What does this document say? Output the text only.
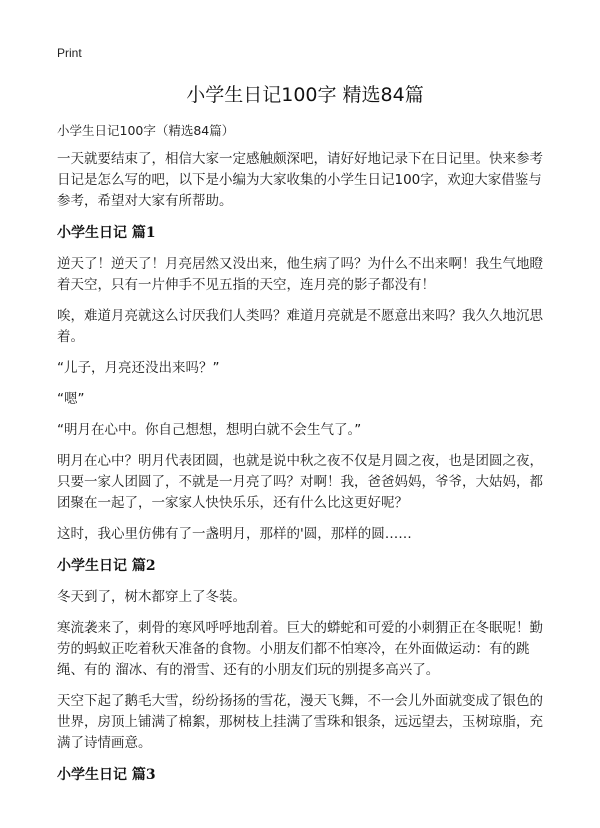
Print
小学生日记100字 精选84篇
小学生日记100字（精选84篇）

一天就要结束了，相信大家一定感触颇深吧，请好好地记录下在日记里。快来参考日记是怎么写的吧，以下是小编为大家收集的小学生日记100字，欢迎大家借鉴与参考，希望对大家有所帮助。

小学生日记 篇1

逆天了！逆天了！月亮居然又没出来，他生病了吗？为什么不出来啊！我生气地瞪着天空，只有一片伸手不见五指的天空，连月亮的影子都没有！

唉，难道月亮就这么讨厌我们人类吗？难道月亮就是不愿意出来吗？我久久地沉思着。

“儿子，月亮还没出来吗？”

“嗯”

“明月在心中。你自己想想，想明白就不会生气了。”

明月在心中？明月代表团圆，也就是说中秋之夜不仅是月圆之夜，也是团圆之夜，只要一家人团圆了，不就是一月亮了吗？对啊！我，爸爸妈妈，爷爷，大姑妈，都团聚在一起了，一家家人快快乐乐，还有什么比这更好呢？

这时，我心里仿佛有了一盏明月，那样的'圆，那样的圆……

小学生日记 篇2

冬天到了，树木都穿上了冬装。

寒流袭来了，刺骨的寒风呼呼地刮着。巨大的蟒蛇和可爱的小刺猬正在冬眠呢！勤劳的蚂蚁正吃着秋天准备的食物。小朋友们都不怕寒冷，在外面做运动：有的跳绳、有的 溜冰、有的滑雪、还有的小朋友们玩的别提多高兴了。

天空下起了鹅毛大雪，纷纷扬扬的雪花，漫天飞舞，不一会儿外面就变成了银色的世界，房顶上铺满了棉絮，那树枝上挂满了雪珠和银条，远远望去，玉树琼脂，充满了诗情画意。

小学生日记 篇3
